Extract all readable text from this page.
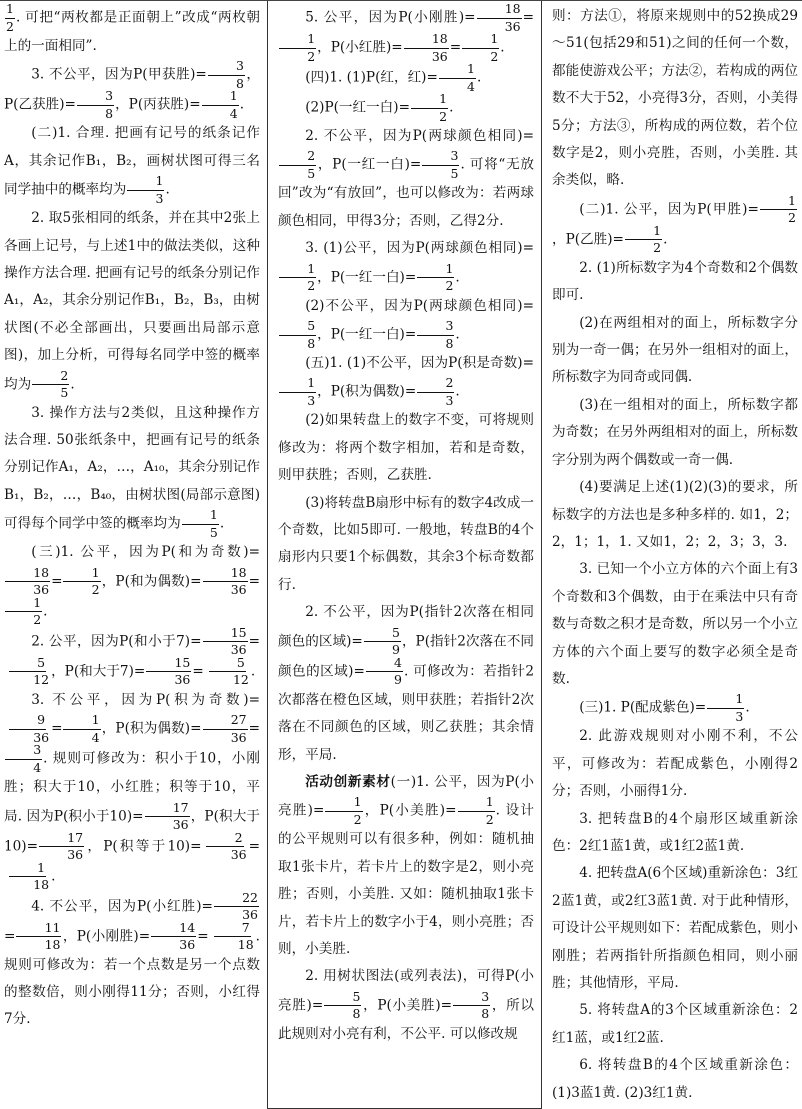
$\frac{1}{2}$ . 可把“两枚都是正面朝上”改成“两枚朝上的一面相同”.

3. 不公平，因为P(甲获胜)= $\frac{3}{8}$ ，P(乙获胜)= $\frac{3}{8}$ ，P(丙获胜)= $\frac{1}{4}$ .

(二)1. 合理. 把画有记号的纸条记作A，其余记作B₁，B₂，画树状图可得三名同学抽中的概率均为 $\frac{1}{3}$ .

2. 取5张相同的纸条，并在其中2张上各画上记号，与上述1中的做法类似，这种操作方法合理. 把画有记号的纸条分别记作A₁，A₂，其余分别记作B₁，B₂，B₃，由树状图(不必全部画出，只要画出局部示意图)，加上分析，可得每名同学中签的概率均为 $\frac{2}{5}$ .

3. 操作方法与2类似，且这种操作方法合理. 50张纸条中，把画有记号的纸条分别记作A₁，A₂，…，A₁₀，其余分别记作B₁，B₂，…，B₄₀，由树状图(局部示意图)可得每个同学中签的概率均为 $\frac{1}{5}$ .

(三)1. 公平，因为P(和为奇数)=
$\frac{18}{36} = \frac{1}{2}$ ，P(和为偶数)= $\frac{18}{36}$ =
$\frac{1}{2}$ .

2. 公平，因为P(和小于$7)= \frac{15}{36}$ =
$\frac{5}{12}$ ，P(和大于$7)= \frac{15}{36} = \frac{5}{12}$ .

3. 不公平，因为P(积为奇数)=
$\frac{9}{36} = \frac{1}{4}$ ，P(积为偶数)= $\frac{27}{36}$ =
$\frac{3}{4}$ . 规则可修改为：积小于10，小刚胜；积大于10，小红胜；积等于10，平局. 因为P(积小于$10)= \frac{17}{36}$ ，P(积大于$10)= \frac{17}{36}$ ，P(积等于$10)= \frac{2}{36}$ =
$\frac{1}{18}$ .

4. 不公平，因为P(小红胜)= $\frac{22}{36}$
= $\frac{11}{18}$ ，P(小刚胜)= $\frac{14}{36} = \frac{7}{18}$ . 规则可修改为：若一个点数是另一个点数的整数倍，则小刚得11分；否则，小红得7分.

5. 公平，因为P(小刚胜)= $\frac{18}{36}$ =
$\frac{1}{2}$ ，P(小红胜)= $\frac{18}{36} = \frac{1}{2}$ .

(四)1. (1)P(红，红)= $\frac{1}{4}$ .

(2)P(一红一白)= $\frac{1}{2}$ .

2. 不公平，因为P(两球颜色相同)=
$\frac{2}{5}$ ，P(一红一白)= $\frac{3}{5}$ . 可将“无放回”改为“有放回”，也可以修改为：若两球颜色相同，甲得3分；否则，乙得2分.

3. (1)公平，因为P(两球颜色相同)=
$\frac{1}{2}$ ，P(一红一白)= $\frac{1}{2}$ .

(2)不公平，因为P(两球颜色相同)=
$\frac{5}{8}$ ，P(一红一白)= $\frac{3}{8}$ .

(五)1. (1)不公平，因为P(积是奇数)=
$\frac{1}{3}$ ，P(积为偶数)= $\frac{2}{3}$ .

(2)如果转盘上的数字不变，可将规则修改为：将两个数字相加，若和是奇数，则甲获胜；否则，乙获胜.

(3)将转盘B扇形中标有的数字4改成一个奇数，比如5即可. 一般地，转盘B的4个扇形内只要1个标偶数，其余3个标奇数都行.

2. 不公平，因为P(指针2次落在相同颜色的区域)= $\frac{5}{9}$ ，P(指针2次落在不同颜色的区域)= $\frac{4}{9}$ . 可修改为：若指针2次都落在橙色区域，则甲获胜；若指针2次落在不同颜色的区域，则乙获胜；其余情形，平局.

活动创新素材(一)1. 公平，因为P(小亮胜)= $\frac{1}{2}$ ，P(小美胜)= $\frac{1}{2}$ . 设计的公平规则可以有很多种，例如：随机抽取1张卡片，若卡片上的数字是2，则小亮胜；否则，小美胜. 又如：随机抽取1张卡片，若卡片上的数字小于4，则小亮胜；否则，小美胜.

2. 用树状图法(或列表法)，可得P(小亮胜)= $\frac{5}{8}$ ，P(小美胜)= $\frac{3}{8}$ ，所以此规则对小亮有利，不公平. 可以修改规

则：方法①，将原来规则中的52换成29～51(包括29和51)之间的任何一个数，都能使游戏公平；方法②，若构成的两位数不大于52，小亮得3分，否则，小美得5分；方法③，所构成的两位数，若个位数字是2，则小亮胜，否则，小美胜. 其余类似，略.

(二)1. 公平，因为P(甲胜)= $\frac{1}{2}$
，P(乙胜)= $\frac{1}{2}$ .

2. (1)所标数字为4个奇数和2个偶数即可.

(2)在两组相对的面上，所标数字分别为一奇一偶；在另外一组相对的面上，所标数字为同奇或同偶.

(3)在一组相对的面上，所标数字都为奇数；在另外两组相对的面上，所标数字分别为两个偶数或一奇一偶.

(4)要满足上述(1)(2)(3)的要求，所标数字的方法也是多种多样的. 如1，2；2，1；1，1. 又如1，2；2，3；3，3.

3. 已知一个小立方体的六个面上有3个奇数和3个偶数，由于在乘法中只有奇数与奇数之积才是奇数，所以另一个小立方体的六个面上要写的数字必须全是奇数.

(三)1. P(配成紫色)= $\frac{1}{3}$ .

2. 此游戏规则对小刚不利，不公平，可修改为：若配成紫色，小刚得2分；否则，小丽得1分.

3. 把转盘B的4个扇形区域重新涂色：2红1蓝1黄，或1红2蓝1黄.

4. 把转盘A(6个区域)重新涂色：3红2蓝1黄，或2红3蓝1黄. 对于此种情形，可设计公平规则如下：若配成紫色，则小刚胜；若两指针所指颜色相同，则小丽胜；其他情形，平局.

5. 将转盘A的3个区域重新涂色：2红1蓝，或1红2蓝.

6. 将转盘B的4个区域重新涂色：(1)3蓝1黄. (2)3红1黄.
